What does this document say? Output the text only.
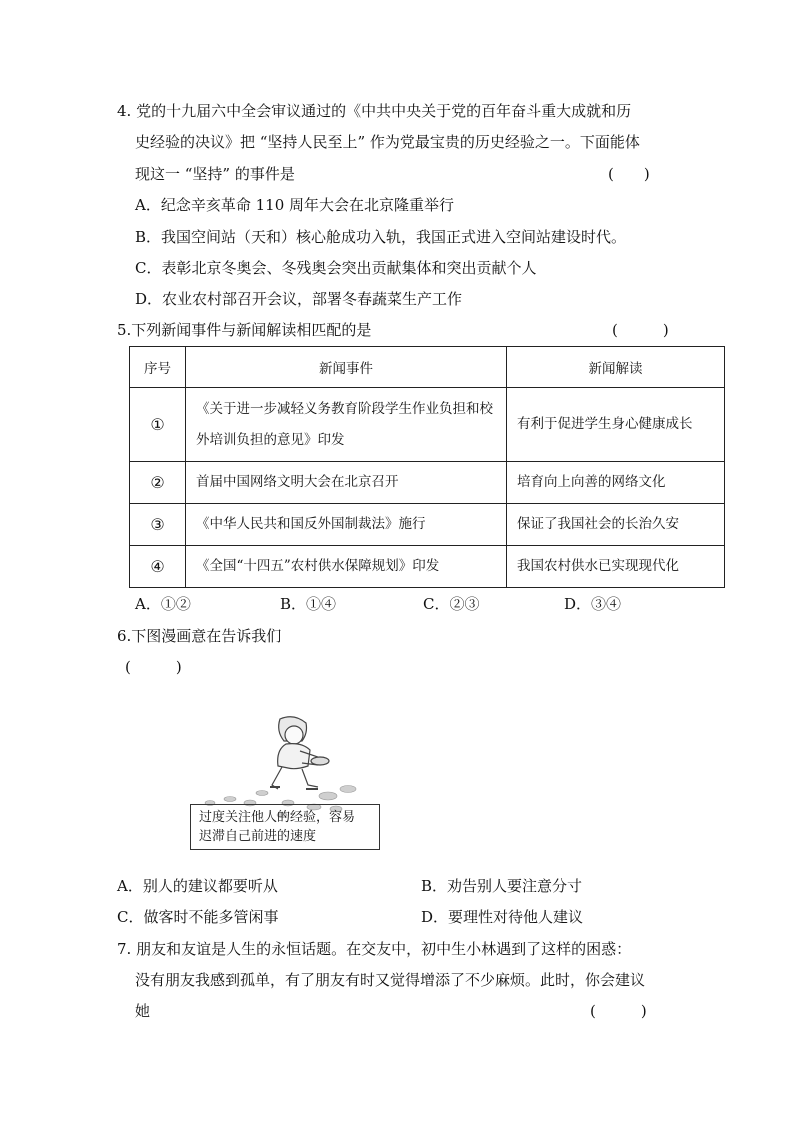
4. 党的十九届六中全会审议通过的《中共中央关于党的百年奋斗重大成就和历
史经验的决议》把 “坚持人民至上” 作为党最宝贵的历史经验之一。下面能体
现这一 “坚持” 的事件是	(　　)
A．纪念辛亥革命 110 周年大会在北京隆重举行
B．我国空间站（天和）核心舱成功入轨，我国正式进入空间站建设时代。
C．表彰北京冬奥会、冬残奥会突出贡献集体和突出贡献个人
D．农业农村部召开会议，部署冬春蔬菜生产工作
5.下列新闻事件与新闻解读相匹配的是	(　　　)
序号	新闻事件	新闻解读
①	《关于进一步减轻义务教育阶段学生作业负担和校外培训负担的意见》印发	有利于促进学生身心健康成长
②	首届中国网络文明大会在北京召开	培育向上向善的网络文化
③	《中华人民共和国反外国制裁法》施行	保证了我国社会的长治久安
④	《全国“十四五”农村供水保障规划》印发	我国农村供水已实现现代化
A．①②	B．①④	C．②③	D．③④
6.下图漫画意在告诉我们
(　　　)
过度关注他人的经验，容易
迟滞自己前进的速度
A．别人的建议都要听从	B．劝告别人要注意分寸
C．做客时不能多管闲事	D．要理性对待他人建议
7. 朋友和友谊是人生的永恒话题。在交友中，初中生小林遇到了这样的困惑：
没有朋友我感到孤单，有了朋友有时又觉得增添了不少麻烦。此时，你会建议
她	(　　　)
